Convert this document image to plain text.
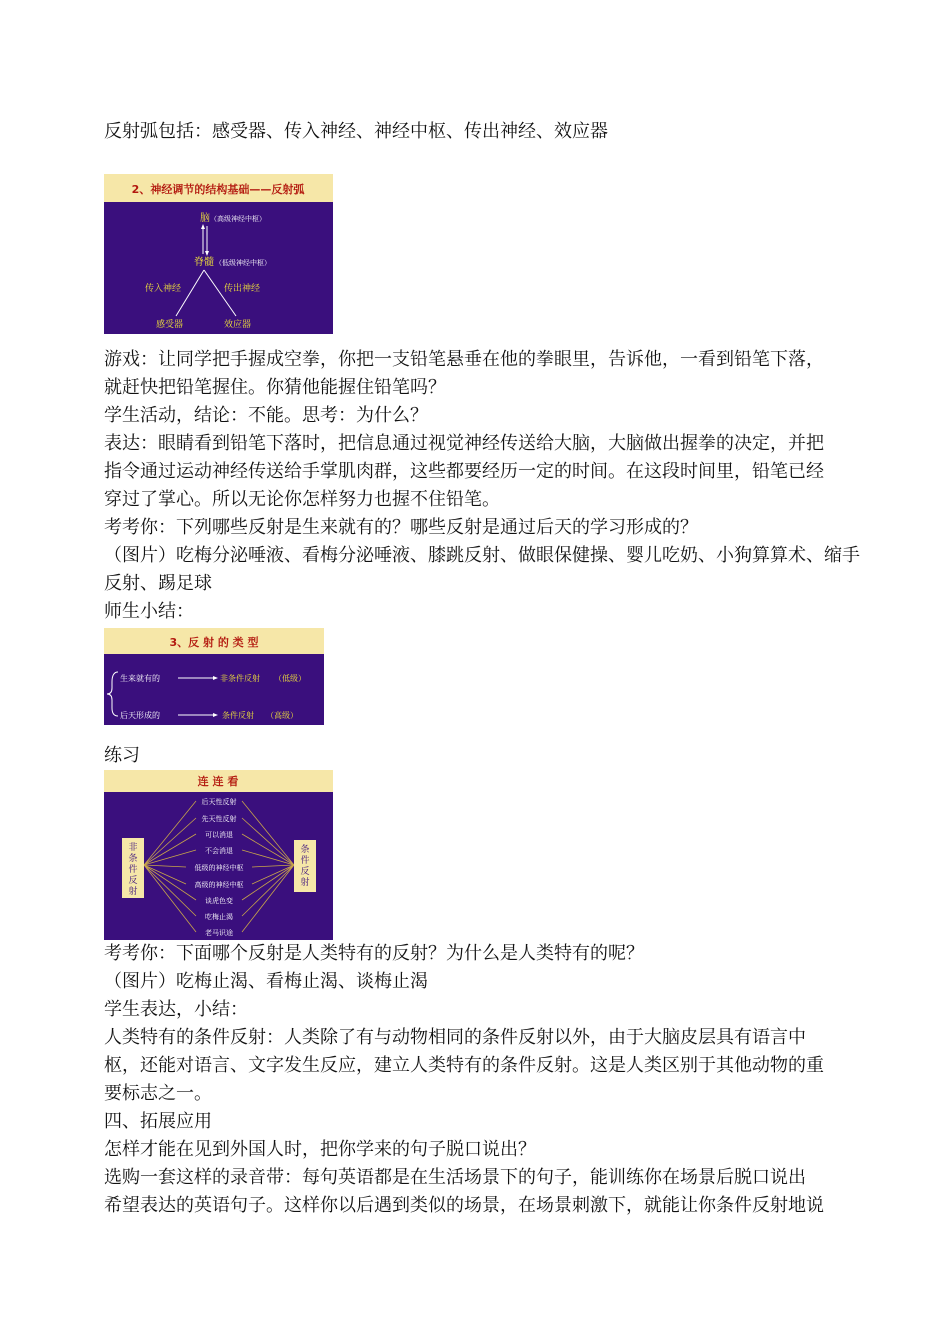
反射弧包括：感受器、传入神经、神经中枢、传出神经、效应器
2、神经调节的结构基础——反射弧
脑 （高级神经中枢）
脊髓 （低级神经中枢）
传入神经	传出神经
感受器	效应器
游戏：让同学把手握成空拳，你把一支铅笔悬垂在他的拳眼里，告诉他，一看到铅笔下落，
就赶快把铅笔握住。你猜他能握住铅笔吗？
学生活动，结论：不能。思考：为什么？
表达：眼睛看到铅笔下落时，把信息通过视觉神经传送给大脑，大脑做出握拳的决定，并把
指令通过运动神经传送给手掌肌肉群，这些都要经历一定的时间。在这段时间里，铅笔已经
穿过了掌心。所以无论你怎样努力也握不住铅笔。
考考你：下列哪些反射是生来就有的？哪些反射是通过后天的学习形成的？
（图片）吃梅分泌唾液、看梅分泌唾液、膝跳反射、做眼保健操、婴儿吃奶、小狗算算术、缩手
反射、踢足球
师生小结：
3、反 射 的 类 型
生来就有的	非条件反射 （低级）
后天形成的	条件反射 （高级）
练习
连 连 看
非条件反射
条件反射
后天性反射
先天性反射
可以消退
不会消退
低级的神经中枢
高级的神经中枢
谈虎色变
吃梅止渴
老马识途
考考你：下面哪个反射是人类特有的反射？为什么是人类特有的呢？
（图片）吃梅止渴、看梅止渴、谈梅止渴
学生表达，小结：
人类特有的条件反射：人类除了有与动物相同的条件反射以外，由于大脑皮层具有语言中
枢，还能对语言、文字发生反应，建立人类特有的条件反射。这是人类区别于其他动物的重
要标志之一。
四、拓展应用
怎样才能在见到外国人时，把你学来的句子脱口说出？
选购一套这样的录音带：每句英语都是在生活场景下的句子，能训练你在场景后脱口说出
希望表达的英语句子。这样你以后遇到类似的场景，在场景刺激下，就能让你条件反射地说
